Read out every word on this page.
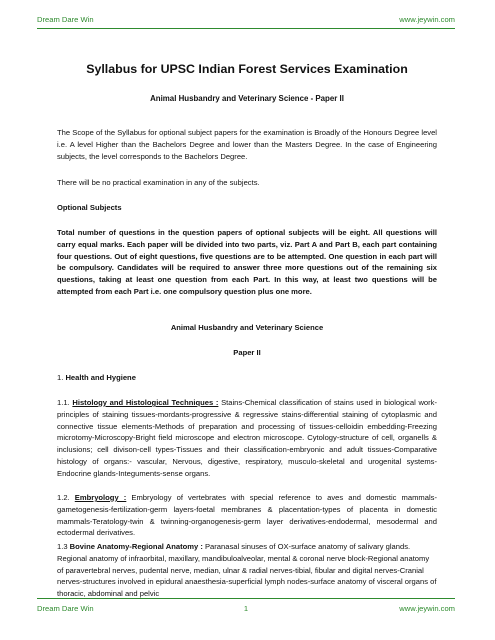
Dream Dare Win	www.jeywin.com
Syllabus for UPSC Indian Forest Services Examination
Animal Husbandry and Veterinary Science - Paper II

The Scope of the Syllabus for optional subject papers for the examination is Broadly of the Honours Degree level i.e. A level Higher than the Bachelors Degree and lower than the Masters Degree. In the case of Engineering subjects, the level corresponds to the Bachelors Degree.

There will be no practical examination in any of the subjects.

Optional Subjects

Total number of questions in the question papers of optional subjects will be eight. All questions will carry equal marks. Each paper will be divided into two parts, viz. Part A and Part B, each part containing four questions. Out of eight questions, five questions are to be attempted. One question in each part will be compulsory. Candidates will be required to answer three more questions out of the remaining six questions, taking at least one question from each Part. In this way, at least two questions will be attempted from each Part i.e. one compulsory question plus one more.

Animal Husbandry and Veterinary Science

Paper II

1. Health and Hygiene

1.1. Histology and Histological Techniques : Stains-Chemical classification of stains used in biological work-principles of staining tissues-mordants-progressive & regressive stains-differential staining of cytoplasmic and connective tissue elements-Methods of preparation and processing of tissues-celloidin embedding-Freezing microtomy-Microscopy-Bright field microscope and electron microscope. Cytology-structure of cell, organells & inclusions; cell divison-cell types-Tissues and their classification-embryonic and adult tissues-Comparative histology of organs:- vascular, Nervous, digestive, respiratory, musculo-skeletal and urogenital systems-Endocrine glands-Integuments-sense organs.

1.2. Embryology : Embryology of vertebrates with special reference to aves and domestic mammals-gametogenesis-fertilization-germ layers-foetal membranes & placentation-types of placenta in domestic mammals-Teratology-twin & twinning-organogenesis-germ layer derivatives-endodermal, mesodermal and ectodermal derivatives.

1.3 Bovine Anatomy-Regional Anatomy : Paranasal sinuses of OX-surface anatomy of salivary glands. Regional anatomy of infraorbital, maxillary, mandibuloalveolar, mental & coronal nerve block-Regional anatomy of paravertebral nerves, pudental nerve, median, ulnar & radial nerves-tibial, fibular and digital nerves-Cranial nerves-structures involved in epidural anaesthesia-superficial lymph nodes-surface anatomy of visceral organs of thoracic, abdominal and pelvic

Dream Dare Win	1	www.jeywin.com
